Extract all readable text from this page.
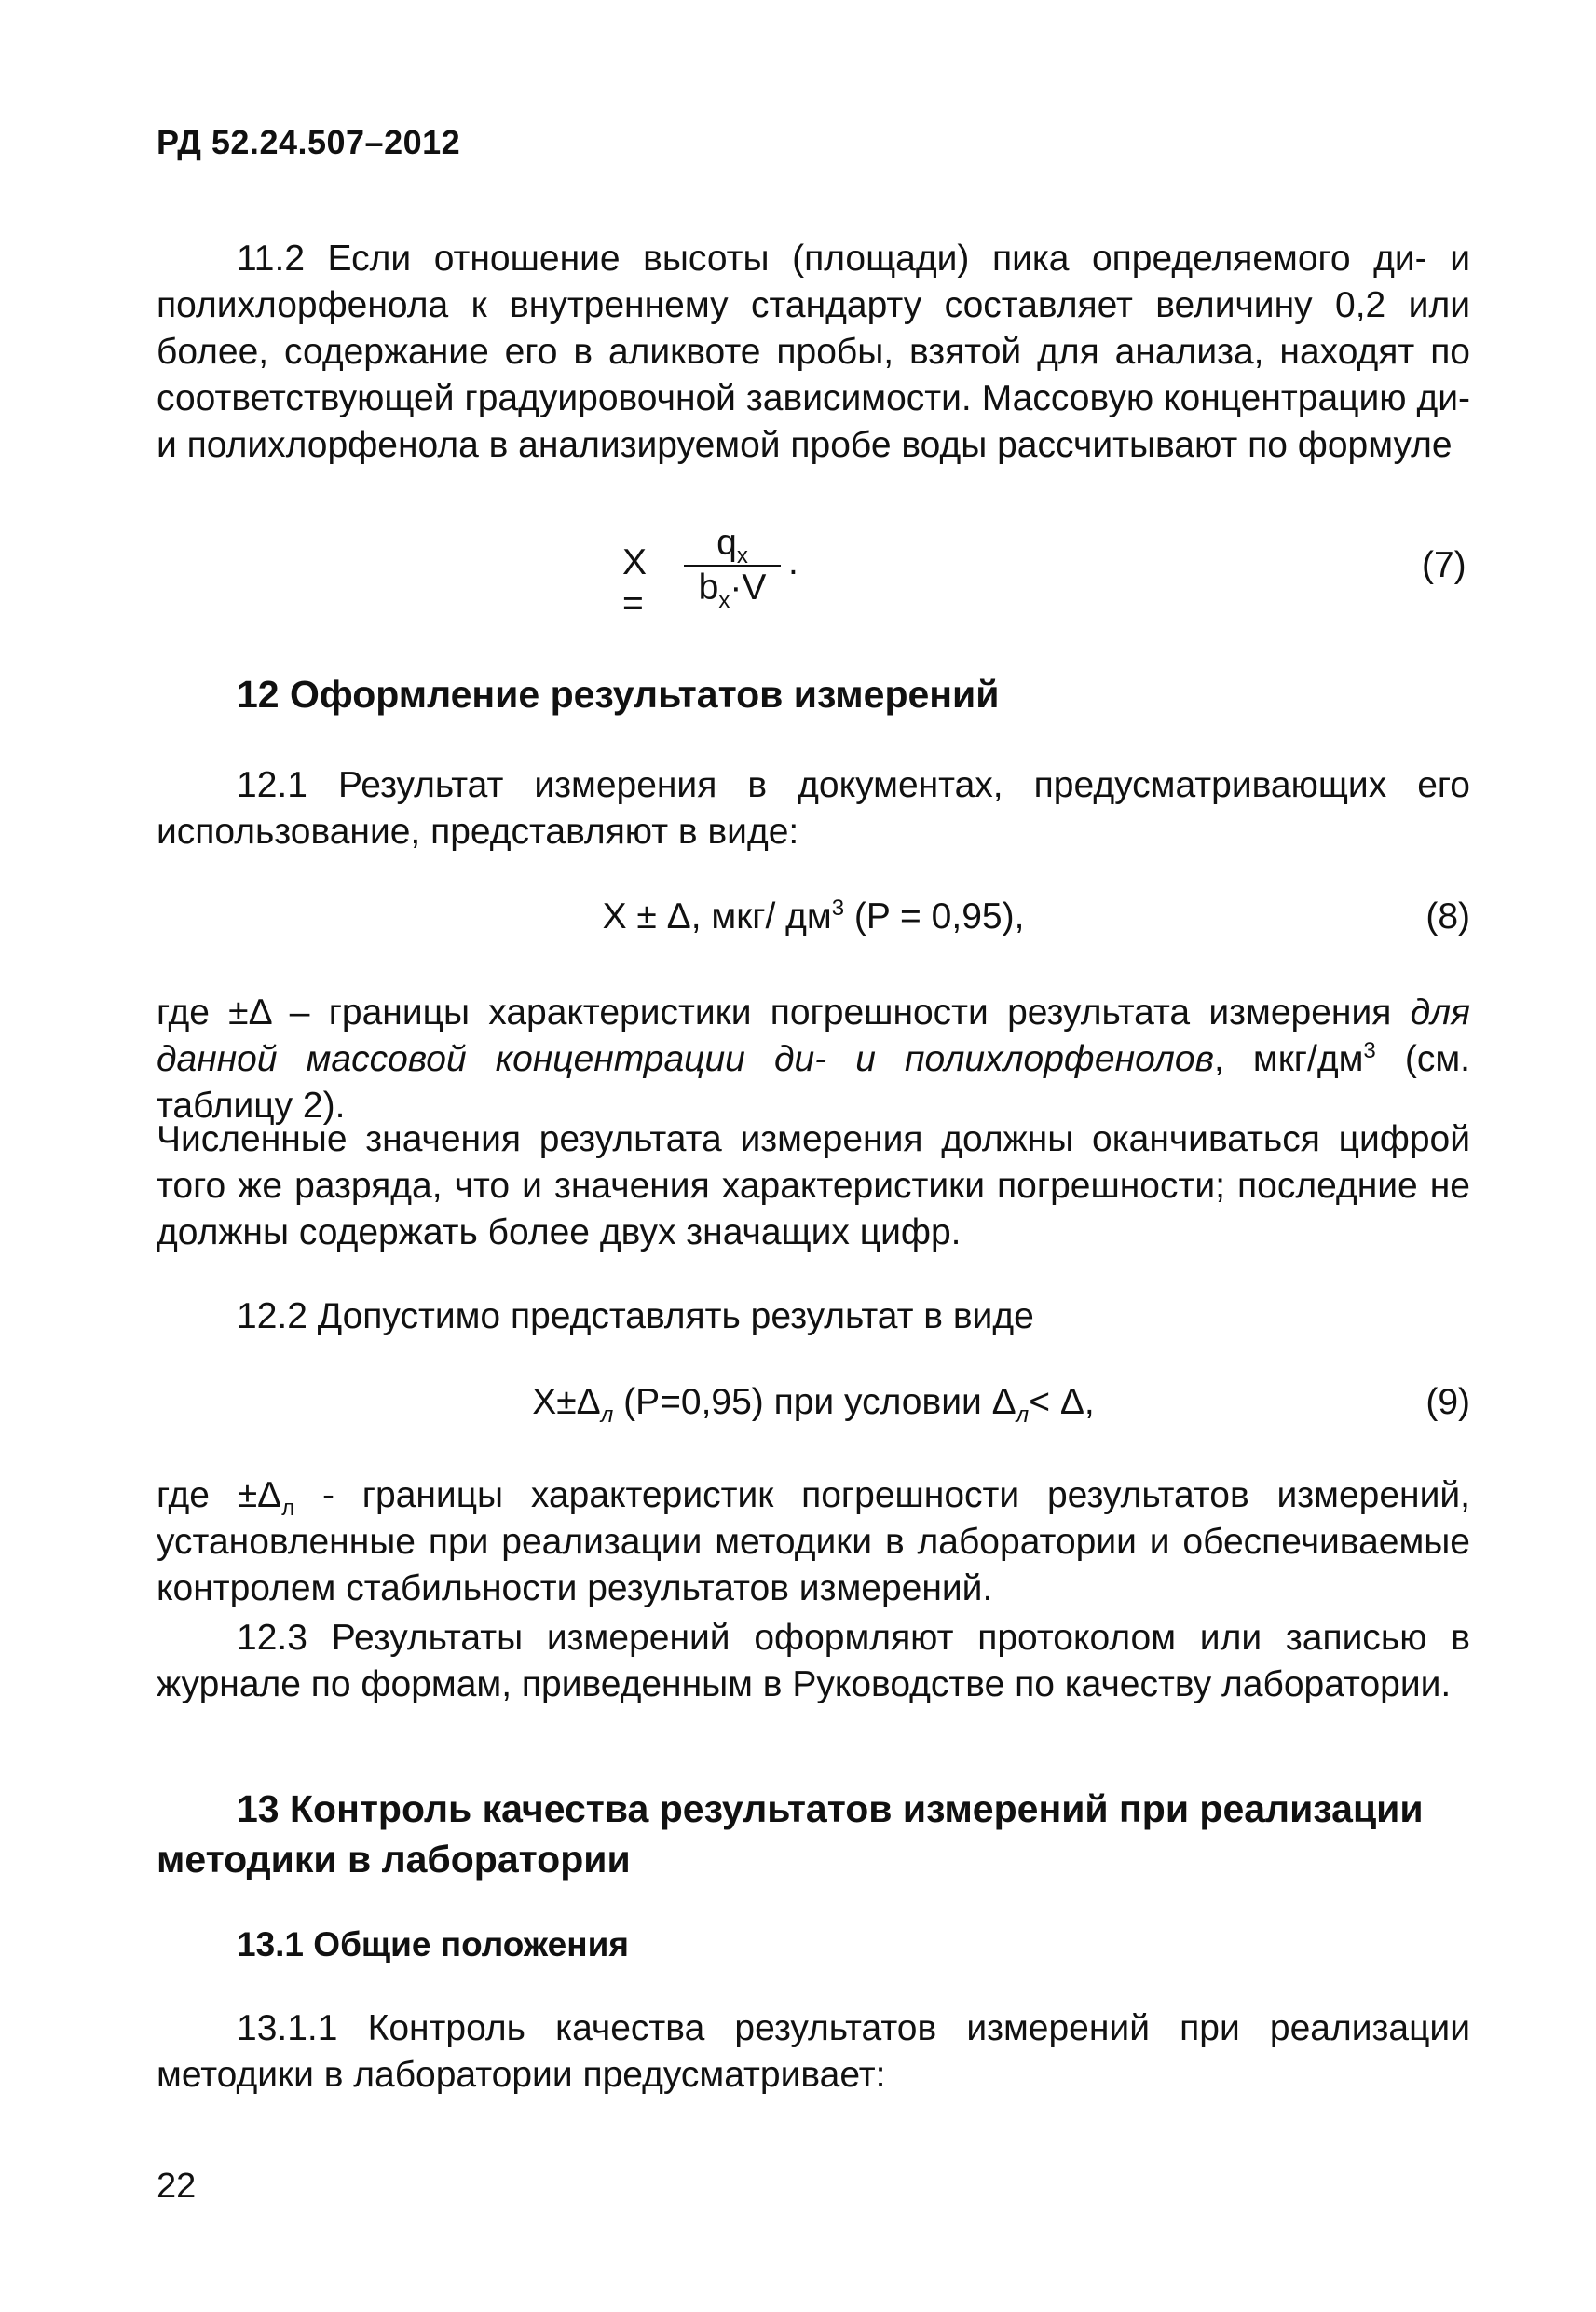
РД 52.24.507–2012
11.2 Если отношение высоты (площади) пика определяемого ди- и полихлорфенола к внутреннему стандарту составляет величину 0,2 или более, содержание его в аликвоте пробы, взятой для анализа, находят по соответствующей градуировочной зависимости. Массовую концентрацию ди- и полихлорфенола в анализируемой пробе воды рассчитывают по формуле
X =
$q_x$
$b_x\cdot V$
.	(7)
12 Оформление результатов измерений
12.1 Результат измерения в документах, предусматривающих его использование, представляют в виде:
X ± Δ, мкг/ $дм^3$ (P = 0,95),	(8)
где ±Δ – границы характеристики погрешности результата измерения для данной массовой концентрации ди- и полихлорфенолов, мкг/$дм^3$ (см. таблицу 2).
Численные значения результата измерения должны оканчиваться цифрой того же разряда, что и значения характеристики погрешности; последние не должны содержать более двух значащих цифр.
12.2 Допустимо представлять результат в виде
$X\pm\Delta_л$ (P=0,95) при условии $\Delta_л< \Delta$,	(9)
где $\pm\Delta_л$ - границы характеристик погрешности результатов измерений, установленные при реализации методики в лаборатории и обеспечиваемые контролем стабильности результатов измерений.
12.3 Результаты измерений оформляют протоколом или записью в журнале по формам, приведенным в Руководстве по качеству лаборатории.
13 Контроль качества результатов измерений при реализации методики в лаборатории
13.1 Общие положения
13.1.1 Контроль качества результатов измерений при реализации методики в лаборатории предусматривает:
22
